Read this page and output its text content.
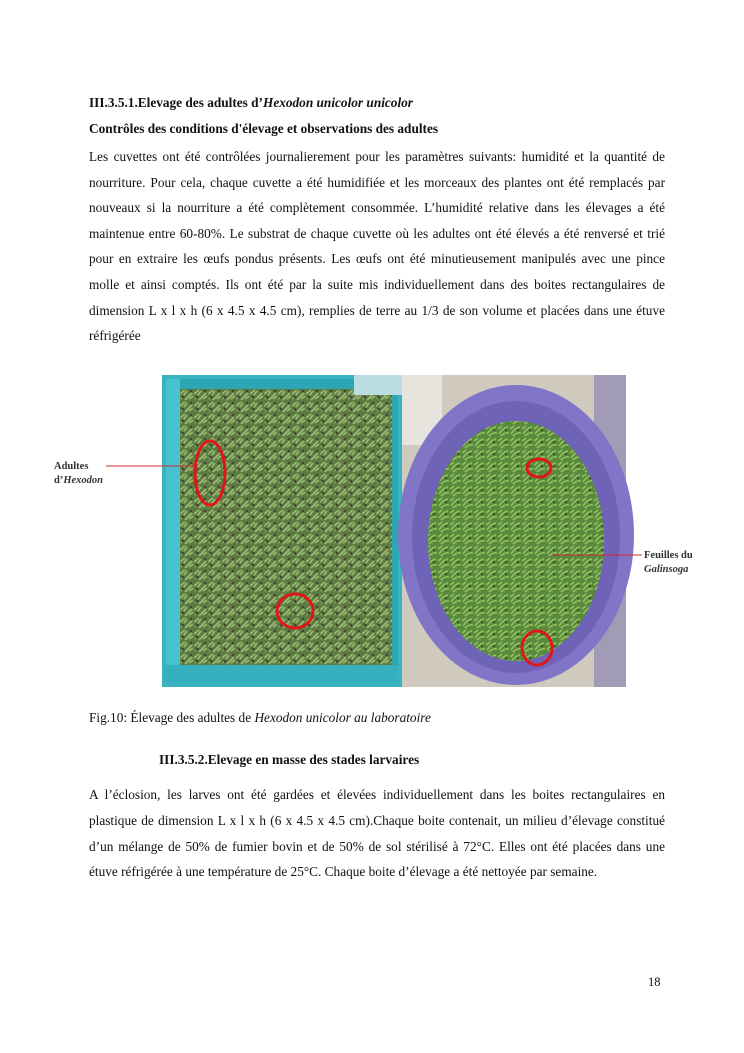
III.3.5.1.Elevage des adultes d’Hexodon unicolor unicolor
Contrôles des conditions d'élevage et observations des adultes

Les cuvettes ont été contrôlées journalierement pour les paramètres suivants: humidité et la quantité de nourriture. Pour cela, chaque cuvette a été humidifiée et les morceaux des plantes ont été remplacés par nouveaux si la nourriture a été complètement consommée. L’humidité relative dans les élevages a été maintenue entre 60-80%. Le substrat de chaque cuvette où les adultes ont été élevés a été renversé et trié pour en extraire les œufs pondus présents. Les œufs ont été minutieusement manipulés avec une pince molle et ainsi comptés. Ils ont été par la suite mis individuellement dans des boites rectangulaires de dimension L x l x h (6 x 4.5 x 4.5 cm), remplies de terre au 1/3 de son volume et placées dans une étuve réfrigérée

Adultes
d’Hexodon
Feuilles du
Galinsoga
Fig.10: Élevage des adultes de Hexodon unicolor au laboratoire
III.3.5.2.Elevage en masse des stades larvaires

A l’éclosion, les larves ont été gardées et élevées individuellement dans les boites rectangulaires en plastique de dimension L x l x h (6 x 4.5 x 4.5 cm).Chaque boite contenait, un milieu d’élevage constitué d’un mélange de 50% de fumier bovin et de 50% de sol stérilisé à 72°C. Elles ont été placées dans une étuve réfrigérée à une température de 25°C. Chaque boite d’élevage a été nettoyée par semaine.

18
